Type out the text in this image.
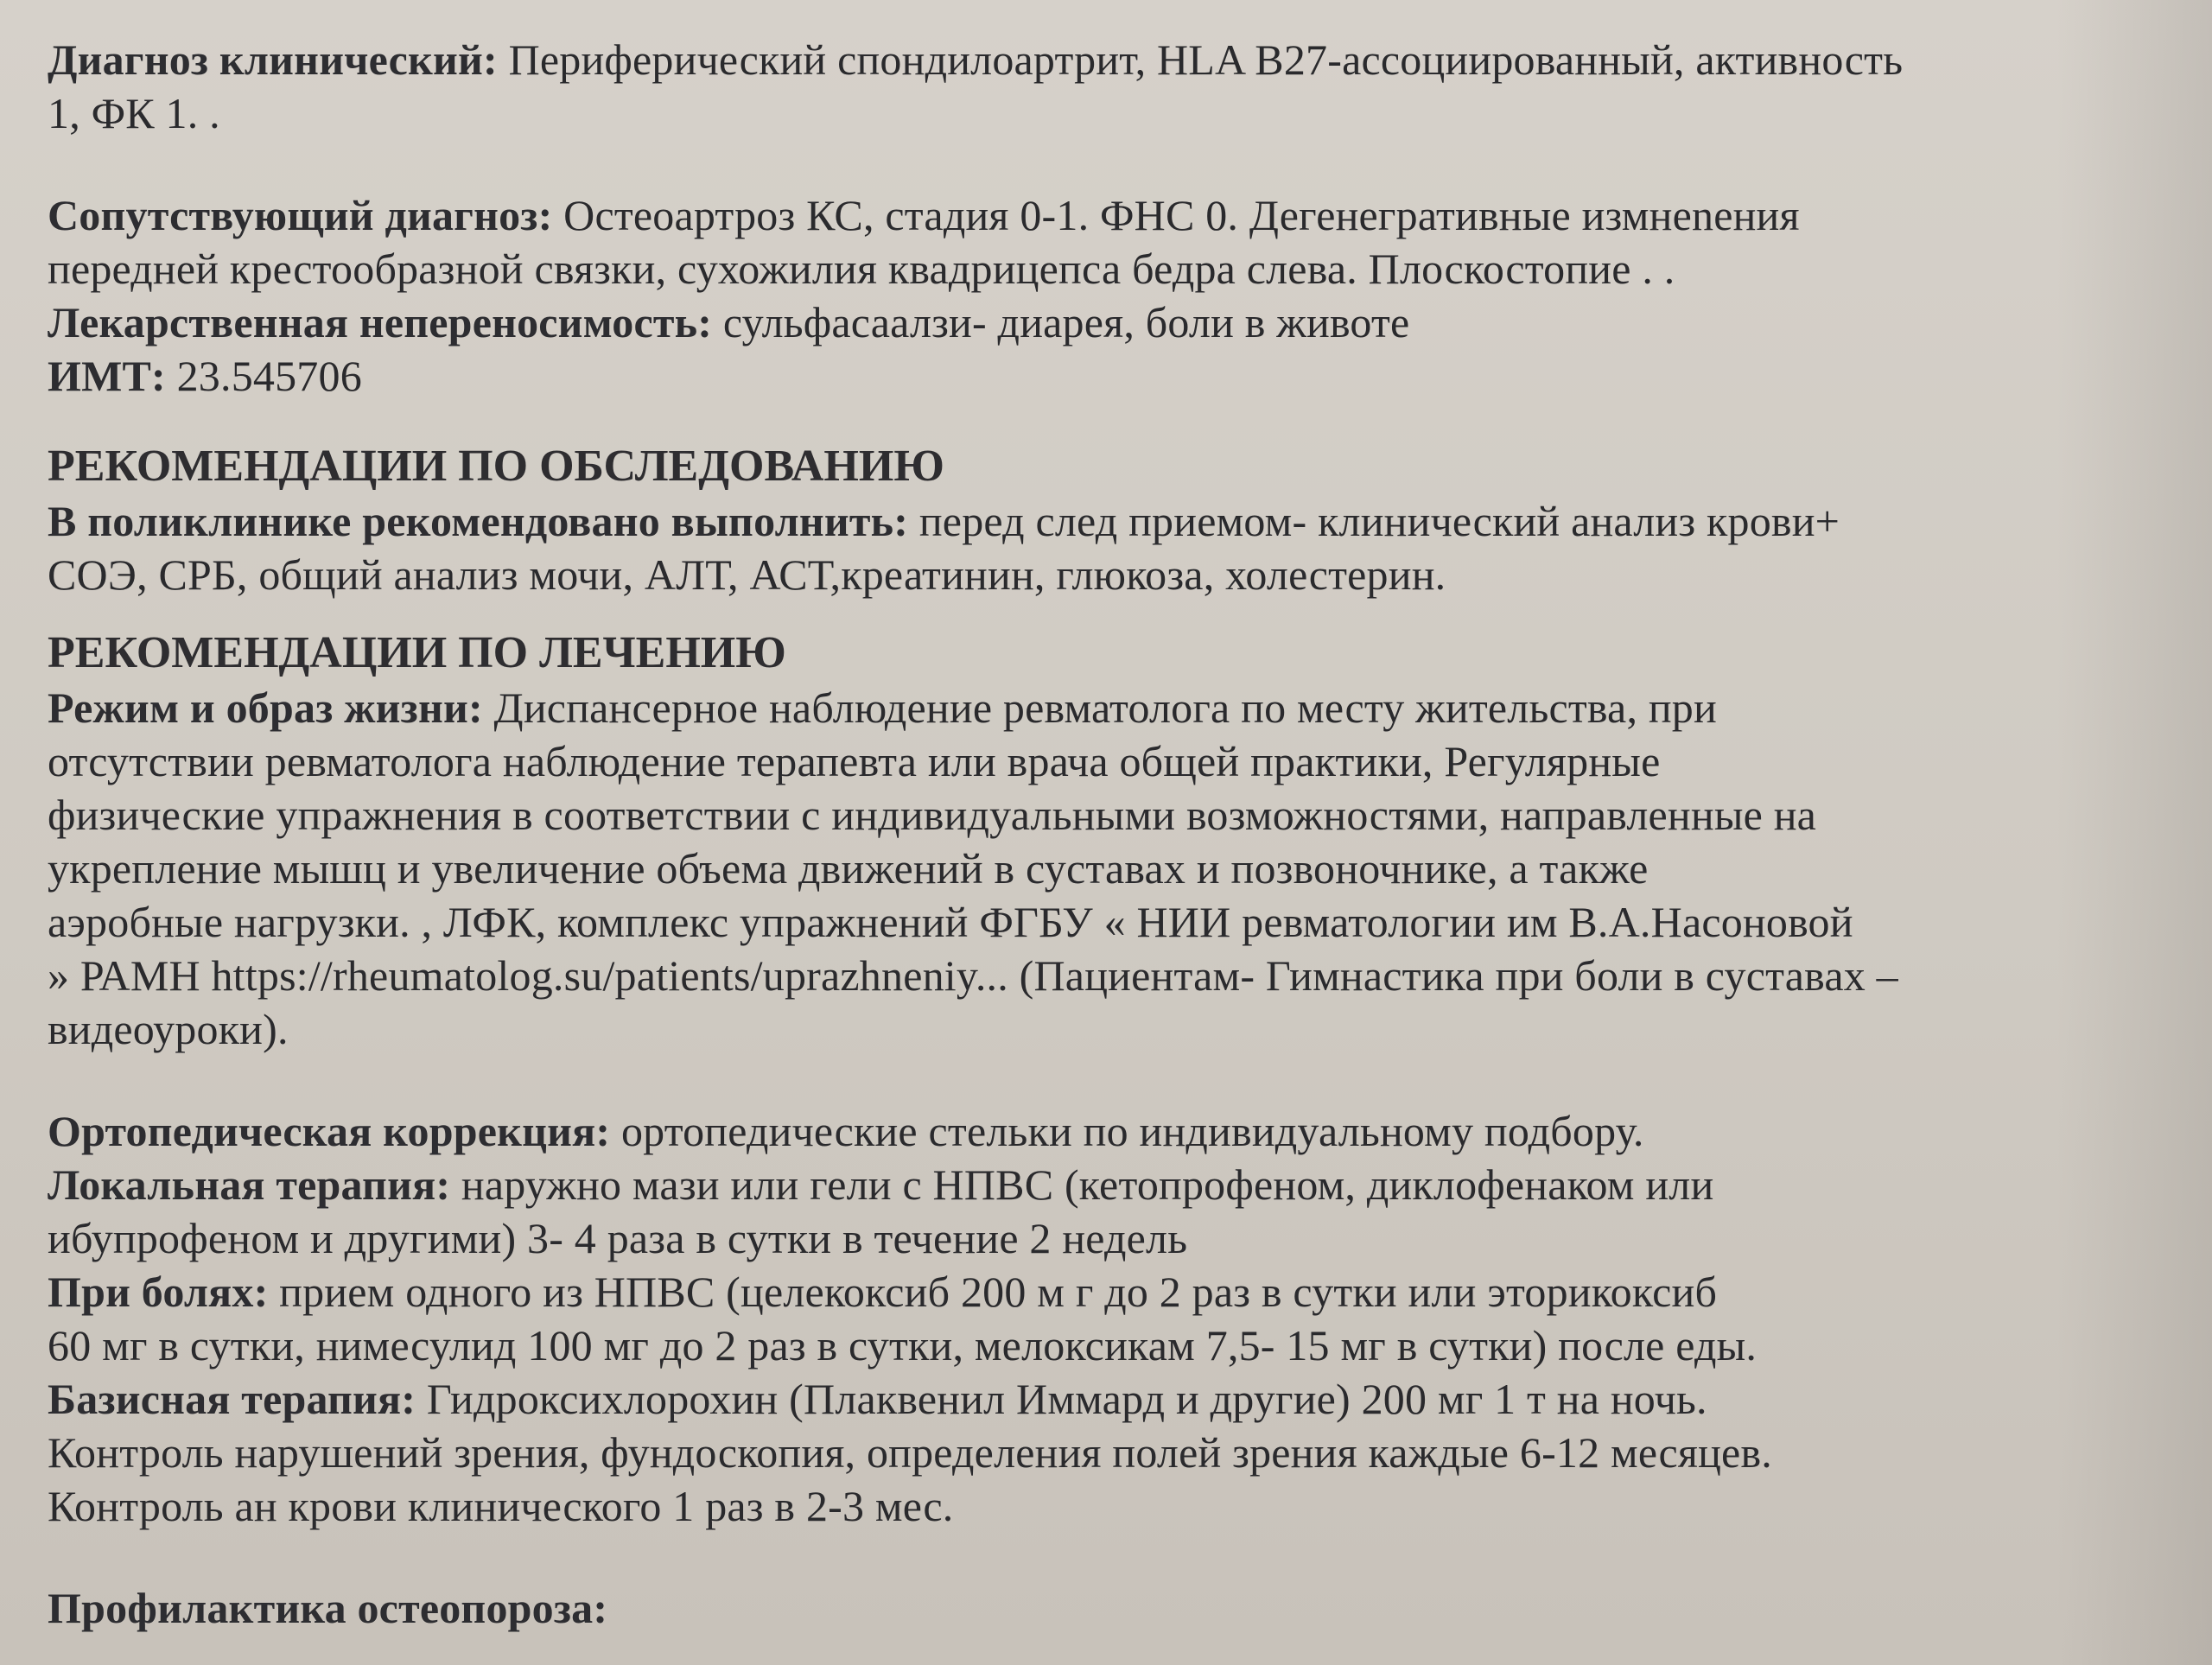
Диагноз клинический: Периферический спондилоартрит, HLA B27-ассоциированный, активность
1, ФК 1. .
Сопутствующий диагноз: Остеоартроз КС, стадия 0-1. ФНС 0. Дегенегративные измнenения
передней крестообразной связки, сухожилия квадрицепса бедра слева. Плоскостопие . .
Лекарственная непереносимость: сульфасаалзи- диарея, боли в животе
ИМТ: 23.545706
РЕКОМЕНДАЦИИ ПО ОБСЛЕДОВАНИЮ
В поликлинике рекомендовано выполнить: перед след приемом- клинический анализ крови+
СОЭ, СРБ, общий анализ мочи, АЛТ, АСТ,креатинин, глюкоза, холестерин.
РЕКОМЕНДАЦИИ ПО ЛЕЧЕНИЮ
Режим и образ жизни: Диспансерное наблюдение ревматолога по месту жительства, при
отсутствии ревматолога наблюдение терапевта или врача общей практики, Регулярные
физические упражнения в соответствии с индивидуальными возможностями, направленные на
укрепление мышц и увеличение объема движений в суставах и позвоночнике, а также
аэробные нагрузки. , ЛФК, комплекс упражнений ФГБУ « НИИ ревматологии им В.А.Насоновой
» РАМН https://rheumatolog.su/patients/uprazhneniy... (Пациентам- Гимнастика при боли в суставах –
видеоуроки).
Ортопедическая коррекция: ортопедические стельки по индивидуальному подбору.
Локальная терапия: наружно мази или гели с НПВС (кетопрофеном, диклофенаком или
ибупрофеном и другими) 3- 4 раза в сутки в течение 2 недель
При болях: прием одного из НПВС (целекоксиб 200 м г до 2 раз в сутки или эторикоксиб
60 мг в сутки, нимесулид 100 мг до 2 раз в сутки, мелоксикам 7,5- 15 мг в сутки) после еды.
Базисная терапия: Гидроксихлорохин (Плаквенил Иммард и другие) 200 мг 1 т на ночь.
Контроль нарушений зрения, фундоскопия, определения полей зрения каждые 6-12 месяцев.
Контроль ан крови клинического 1 раз в 2-3 мес.
Профилактика остеопороза:
